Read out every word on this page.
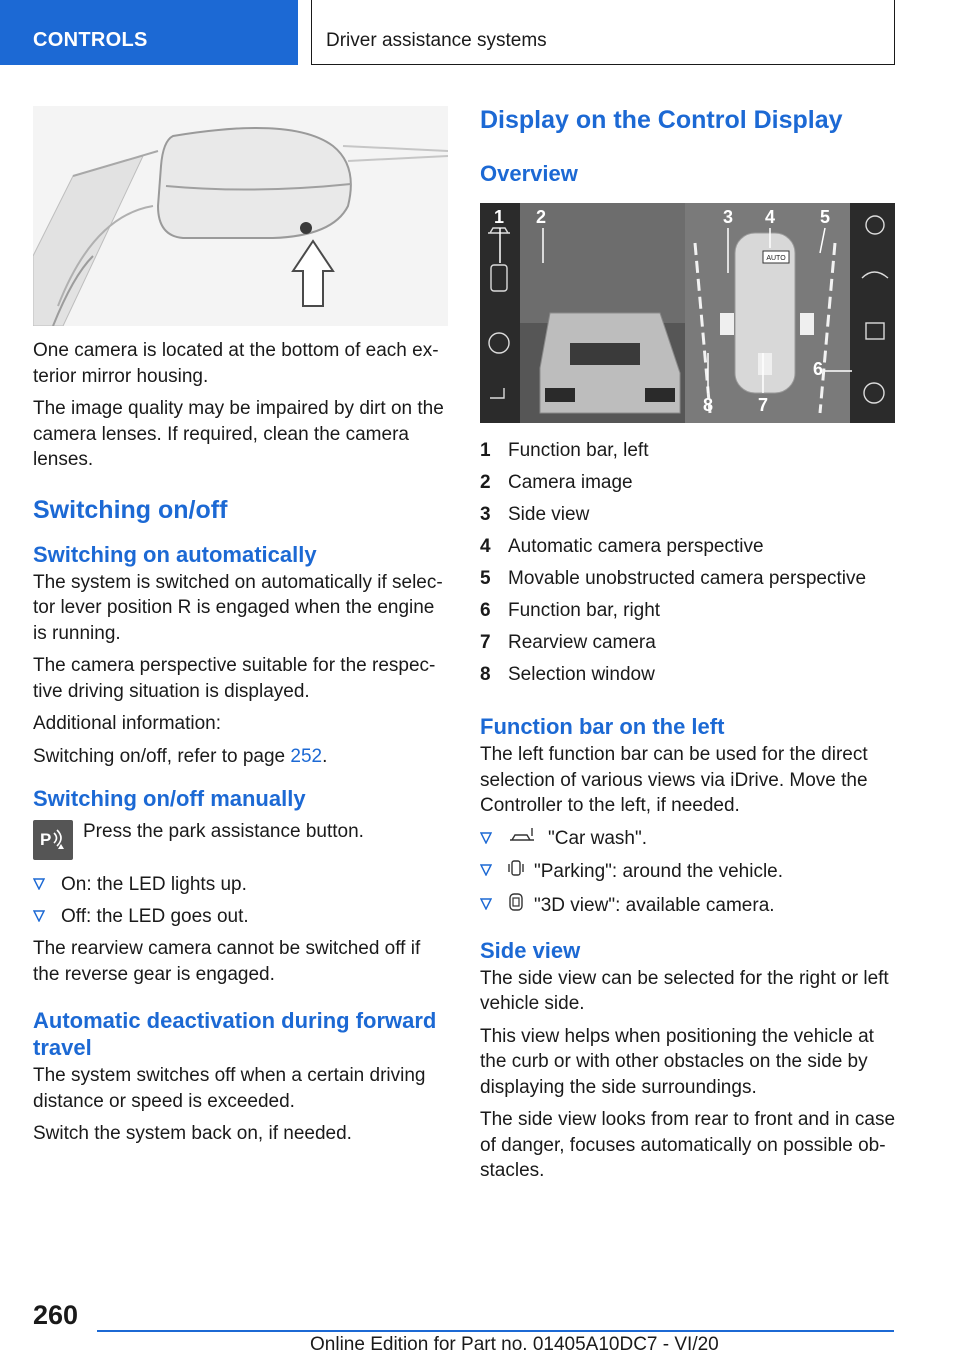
CONTROLS	Driver assistance systems

One camera is located at the bottom of each ex-terior mirror housing.

The image quality may be impaired by dirt on the camera lenses. If required, clean the camera lenses.

Switching on/off
Switching on automatically

The system is switched on automatically if selec-tor lever position R is engaged when the engine is running.

The camera perspective suitable for the respec-tive driving situation is displayed.

Additional information:

Switching on/off, refer to page 252.

Switching on/off manually
P Press the park assistance button.

On: the LED lights up.
Off: the LED goes out.

The rearview camera cannot be switched off if the reverse gear is engaged.

Automatic deactivation during forward travel

The system switches off when a certain driving distance or speed is exceeded.

Switch the system back on, if needed.

Display on the Control Display
Overview
AUTO
1 2	3 4 5
6
7
8
1 Function bar, left
2 Camera image
3 Side view
4 Automatic camera perspective
5 Movable unobstructed camera perspective
6 Function bar, right
7 Rearview camera
8 Selection window
Function bar on the left

The left function bar can be used for the direct selection of various views via iDrive. Move the Controller to the left, if needed.

"Car wash".
"Parking": around the vehicle.
"3D view": available camera.
Side view

The side view can be selected for the right or left vehicle side.

This view helps when positioning the vehicle at the curb or with other obstacles on the side by displaying the side surroundings.

The side view looks from rear to front and in case of danger, focuses automatically on possible ob-stacles.

260
Online Edition for Part no. 01405A10DC7 - VI/20
